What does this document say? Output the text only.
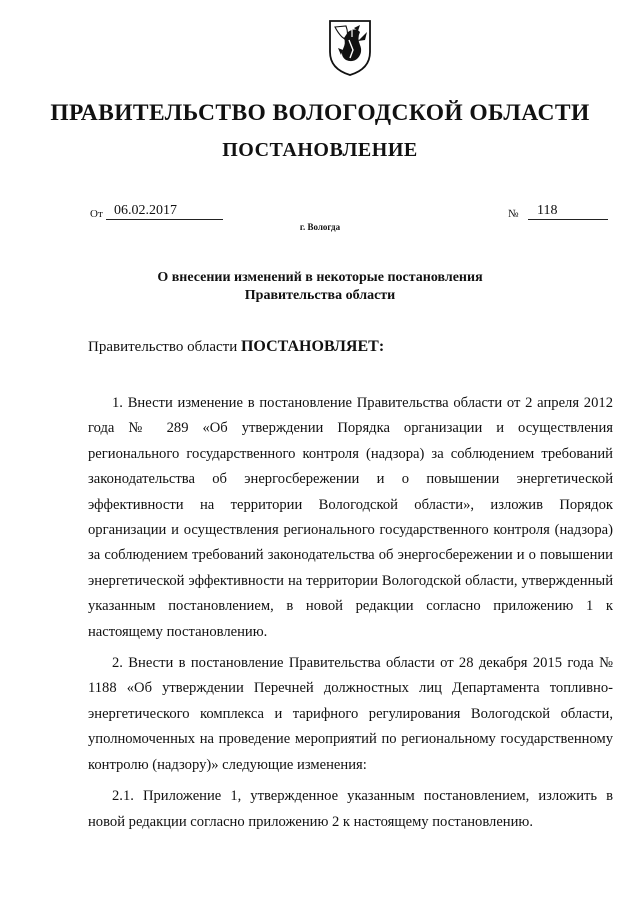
ПРАВИТЕЛЬСТВО ВОЛОГОДСКОЙ ОБЛАСТИ
ПОСТАНОВЛЕНИЕ
От 06.02.2017	№ 118
г. Вологда
О внесении изменений в некоторые постановления
Правительства области
Правительство области ПОСТАНОВЛЯЕТ:

1. Внести изменение в постановление Правительства области от 2 апреля 2012 года № 289 «Об утверждении Порядка организации и осуществления регионального государственного контроля (надзора) за соблюдением требований законодательства об энергосбережении и о повышении энергетической эффективности на территории Вологодской области», изложив Порядок организации и осуществления регионального государственного контроля (надзора) за соблюдением требований законодательства об энергосбережении и о повышении энергетической эффективности на территории Вологодской области, утвержденный указанным постановлением, в новой редакции согласно приложению 1 к настоящему постановлению.

2. Внести в постановление Правительства области от 28 декабря 2015 года № 1188 «Об утверждении Перечней должностных лиц Департамента топливно-энергетического комплекса и тарифного регулирования Вологодской области, уполномоченных на проведение мероприятий по региональному государственному контролю (надзору)» следующие изменения:

2.1. Приложение 1, утвержденное указанным постановлением, изложить в новой редакции согласно приложению 2 к настоящему постановлению.
